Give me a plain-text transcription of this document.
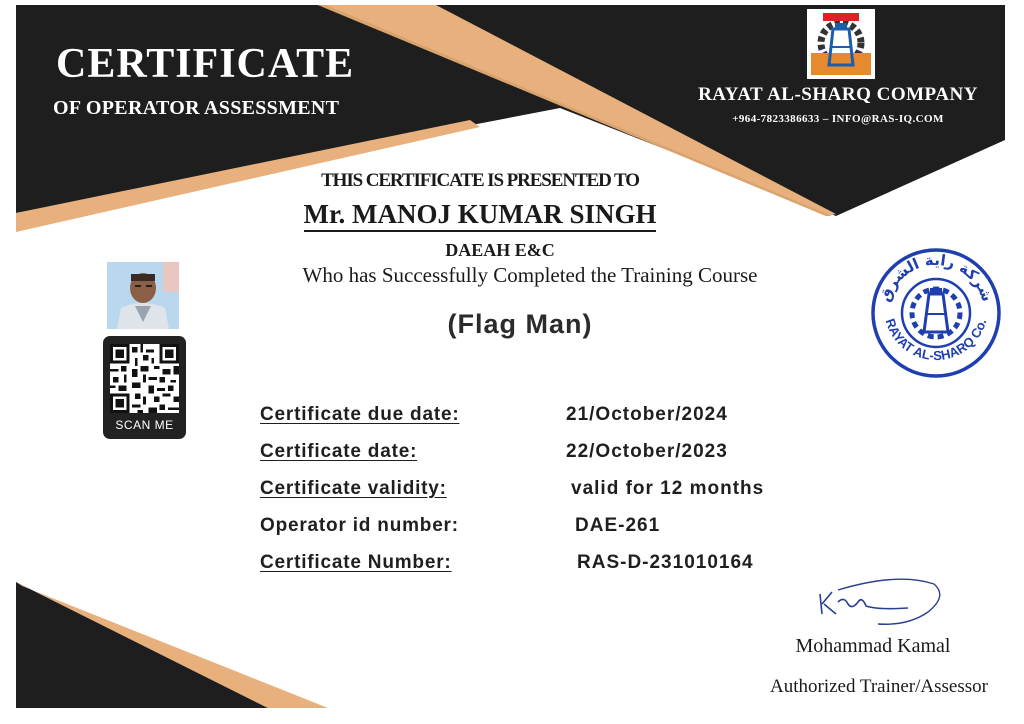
CERTIFICATE
OF OPERATOR ASSESSMENT
RAYAT AL-SHARQ COMPANY
+964-7823386633 – INFO@RAS-IQ.COM
THIS CERTIFICATE IS PRESENTED TO
Mr. MANOJ KUMAR SINGH
DAEAH E&C
Who has Successfully Completed the Training Course
(Flag Man)
SCAN ME	Certificate due date:	21/October/2024
Certificate date:	22/October/2023
Certificate validity:	valid for 12 months
Operator id number:	DAE-261
Certificate Number:	RAS-D-231010164
شركة راية الشرق
RAYAT AL-SHARQ Co.
Mohammad Kamal
Authorized Trainer/Assessor
